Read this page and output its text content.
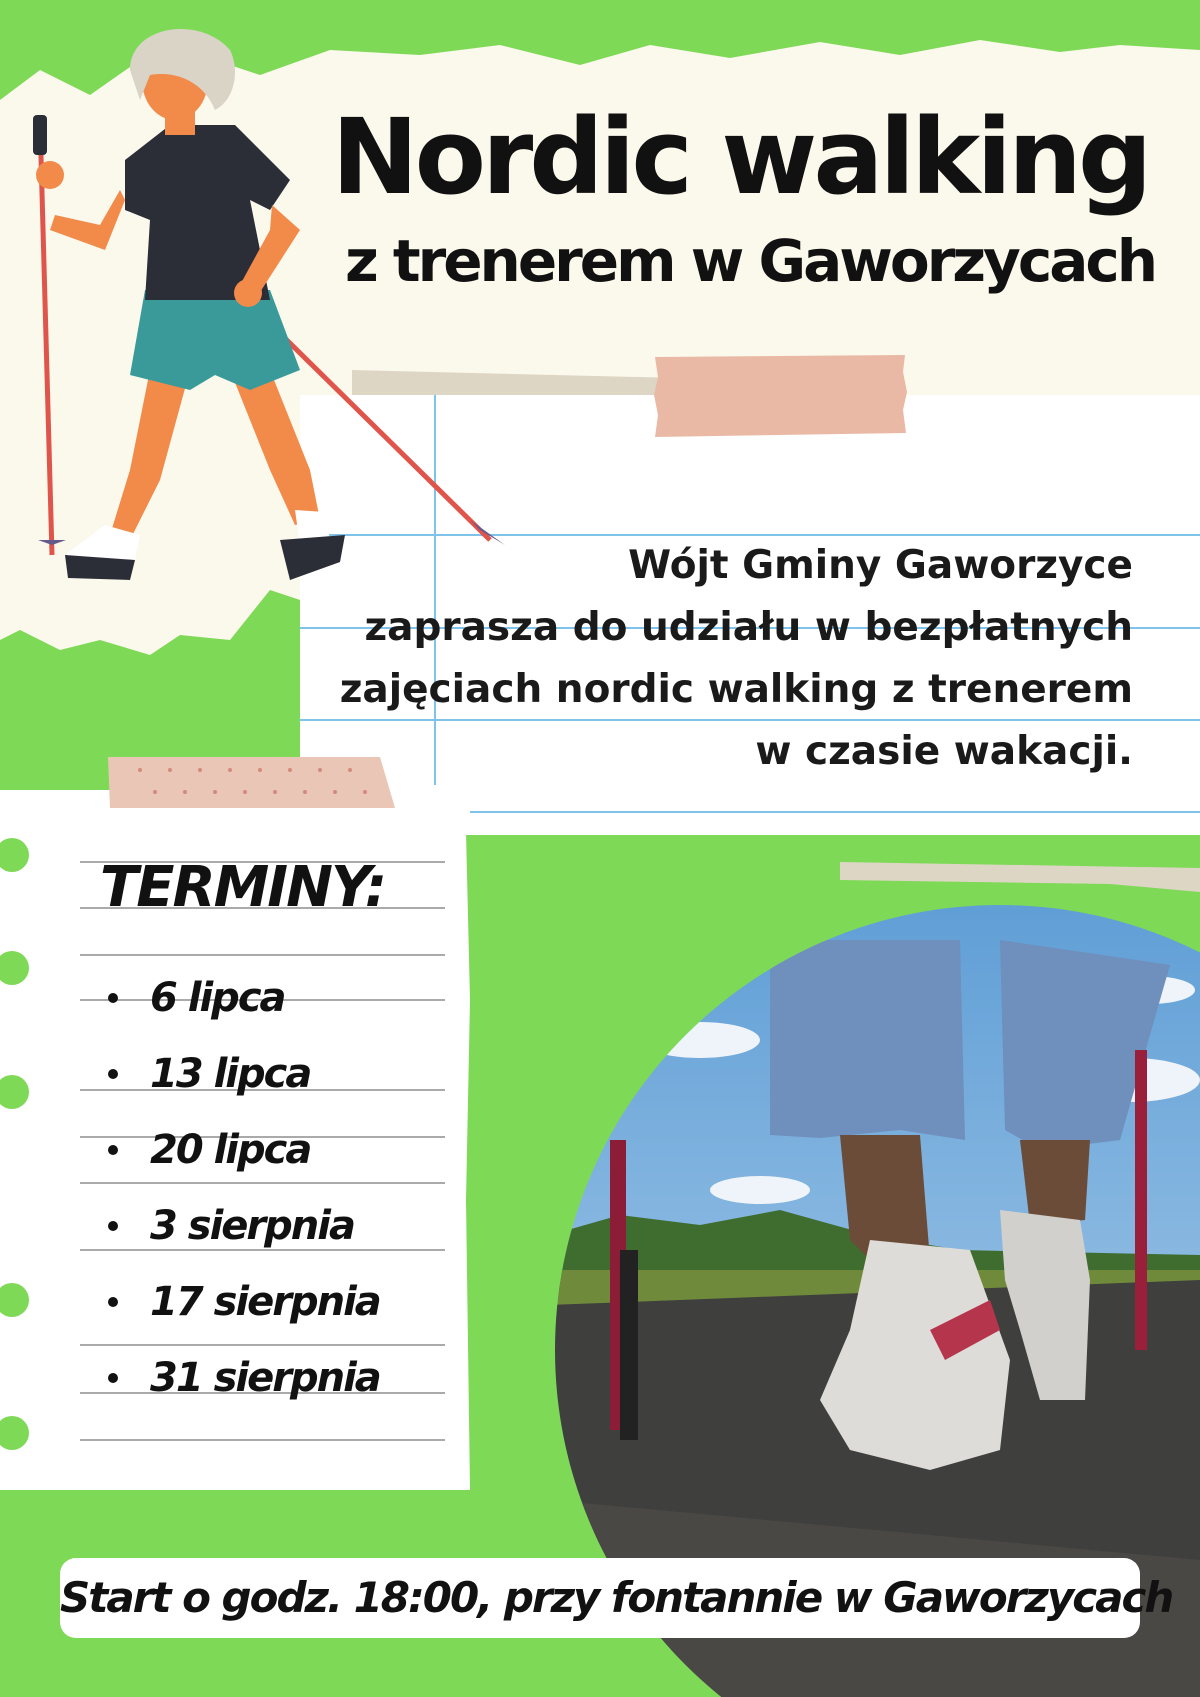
Nordic walking
z trenerem w Gaworzycach
Wójt Gminy Gaworzyce
zaprasza do udziału w bezpłatnych
zajęciach nordic walking z trenerem
w czasie wakacji.
TERMINY:
6 lipca
13 lipca
20 lipca
3 sierpnia
17 sierpnia
31 sierpnia
Start o godz. 18:00, przy fontannie w Gaworzycach
